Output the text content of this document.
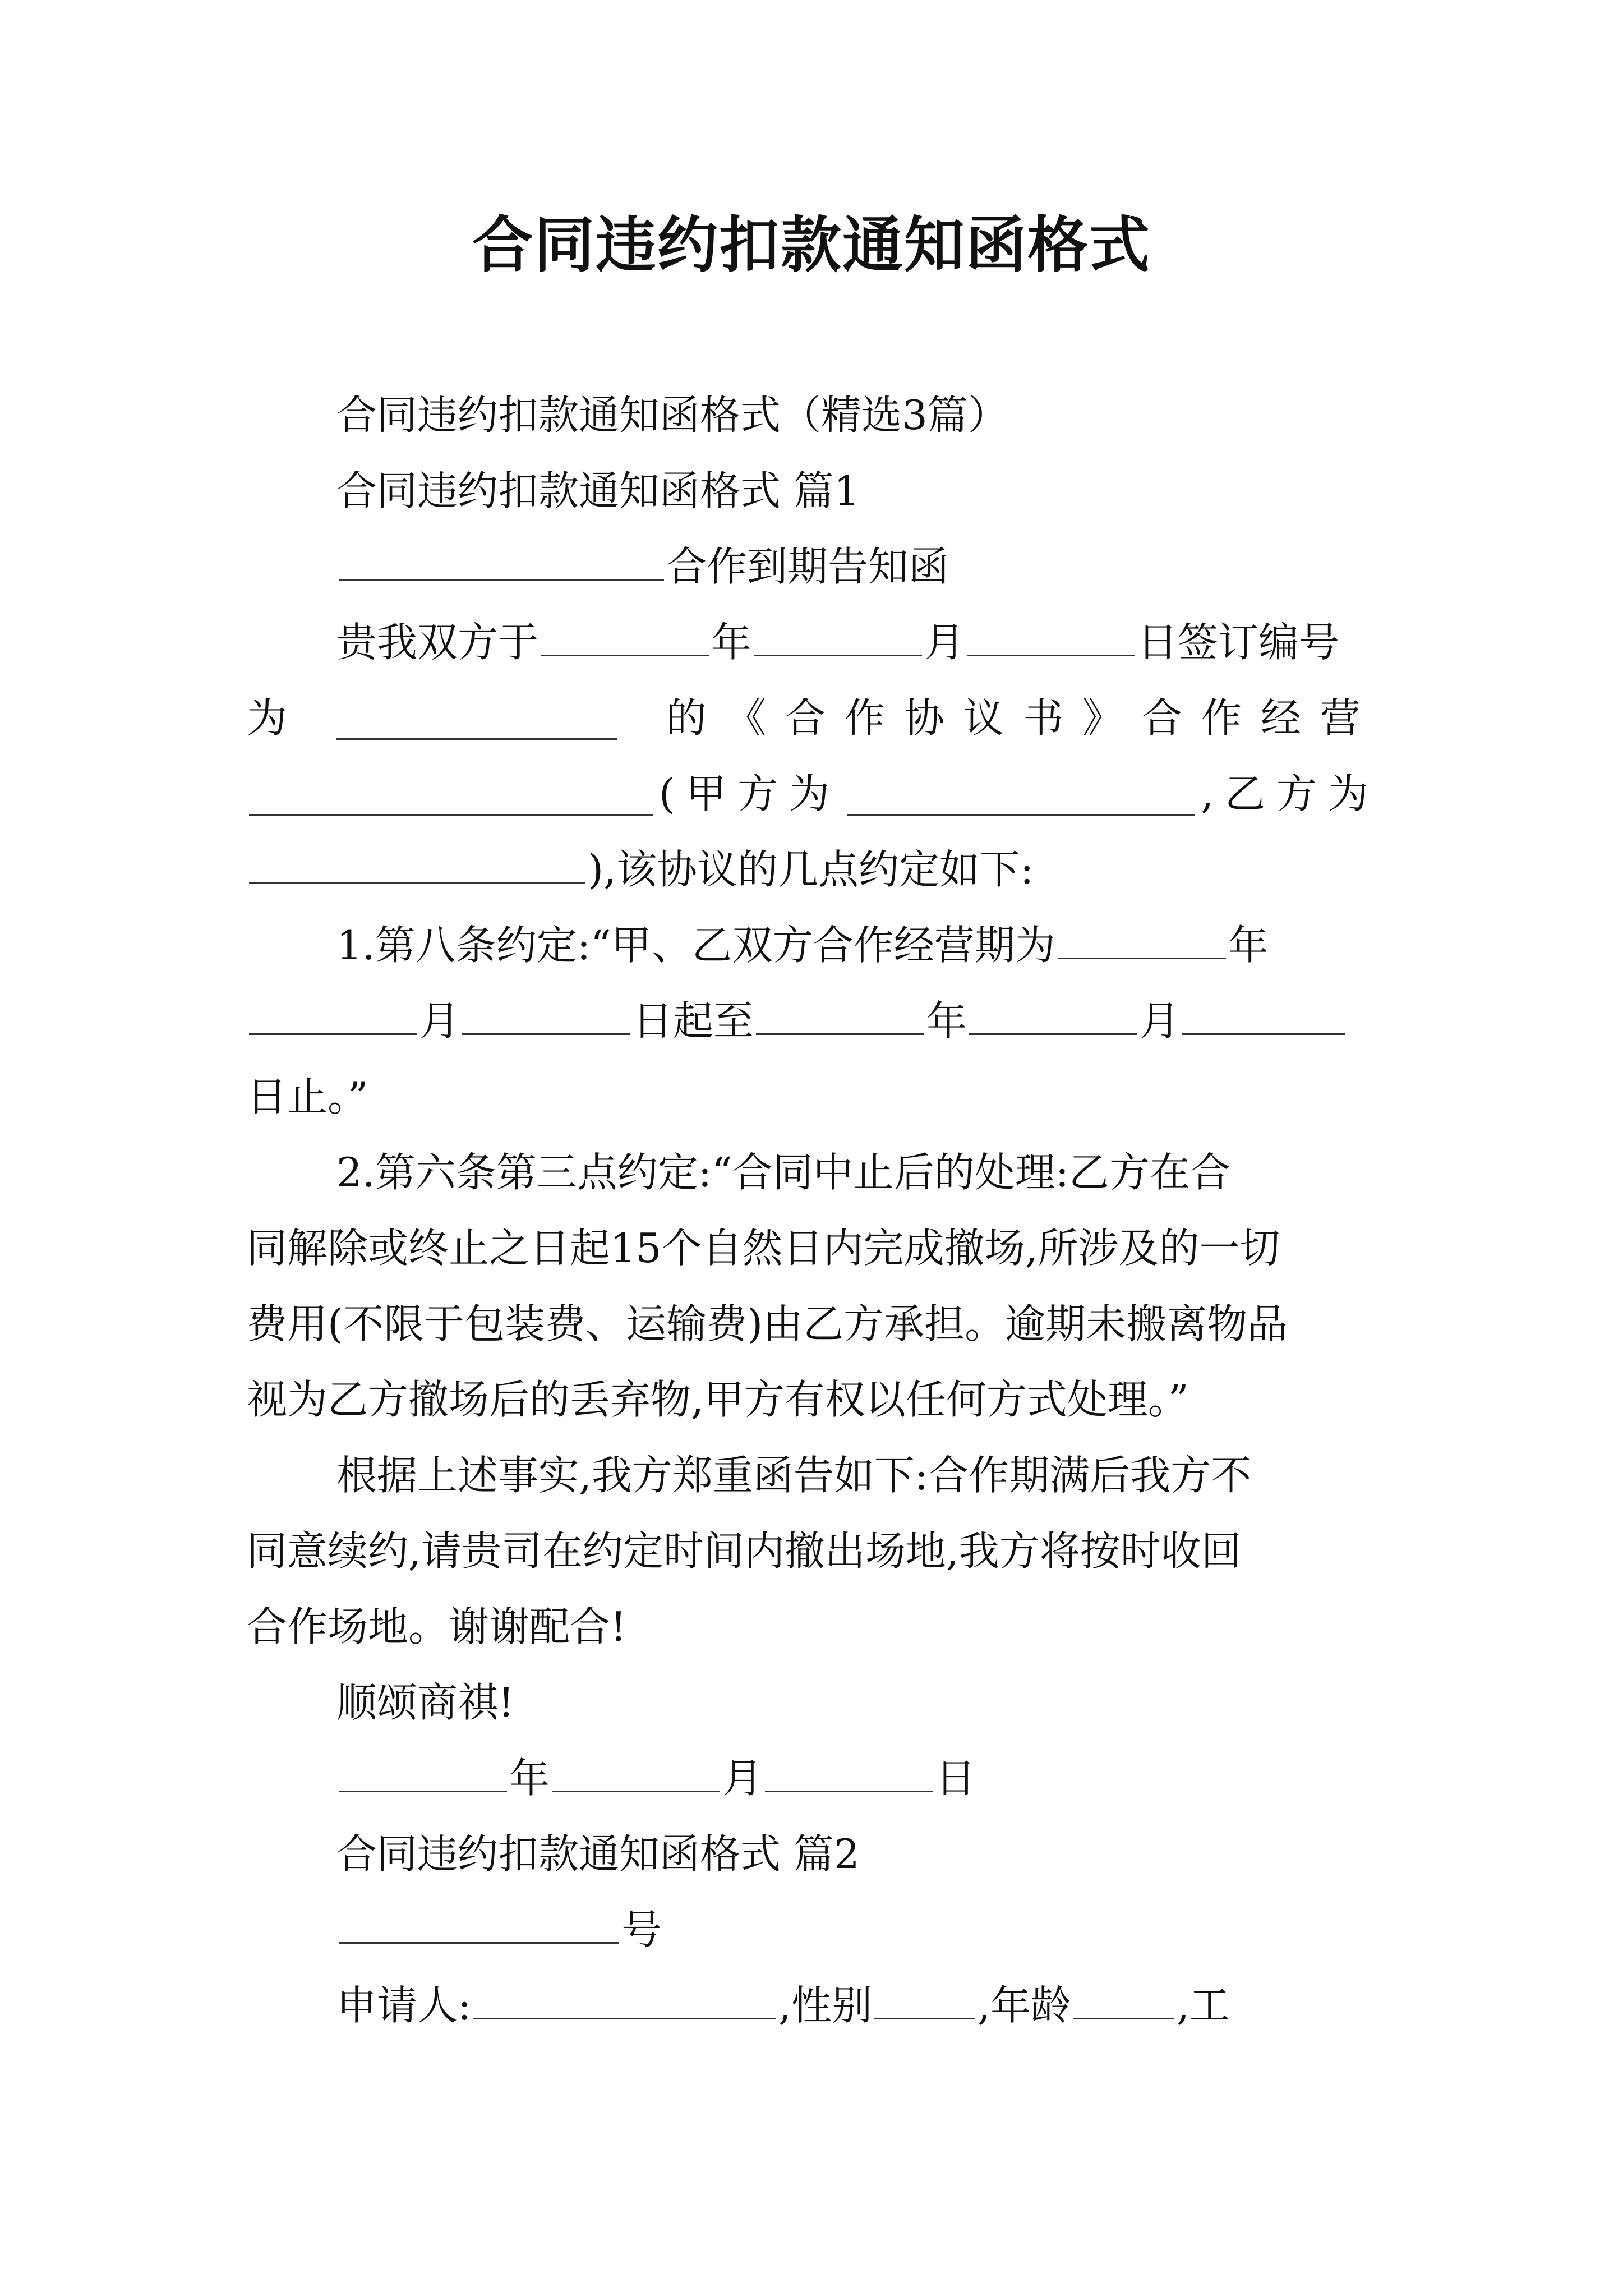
合同违约扣款通知函格式
合同违约扣款通知函格式（精选3篇）
合同违约扣款通知函格式 篇1
合作到期告知函
贵我双方于	年	月	日签订编号
为	的《合作协议书》合作经营
(甲方为	,乙方为
),该协议的几点约定如下:
1.第八条约定:“甲、乙双方合作经营期为	年
月	日起至	年	月
日止。”
2.第六条第三点约定:“合同中止后的处理:乙方在合
同解除或终止之日起15个自然日内完成撤场,所涉及的一切
费用(不限于包装费、运输费)由乙方承担。逾期未搬离物品
视为乙方撤场后的丢弃物,甲方有权以任何方式处理。”
根据上述事实,我方郑重函告如下:合作期满后我方不
同意续约,请贵司在约定时间内撤出场地,我方将按时收回
合作场地。谢谢配合!
顺颂商祺!
年	月	日
合同违约扣款通知函格式 篇2
号
申请人:	,性别	,年龄	,工
